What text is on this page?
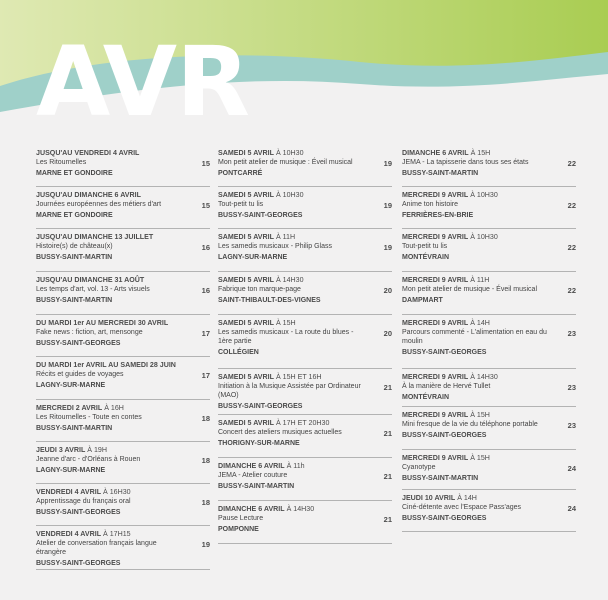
AVR
JUSQU'AU VENDREDI 4 AVRIL
Les Ritournelles	15
MARNE ET GONDOIRE
JUSQU'AU DIMANCHE 6 AVRIL
Journées européennes des métiers d'art	15
MARNE ET GONDOIRE
JUSQU'AU DIMANCHE 13 JUILLET
Histoire(s) de château(x)	16
BUSSY-SAINT-MARTIN
JUSQU'AU DIMANCHE 31 AOÛT
Les temps d'art, vol. 13 - Arts visuels	16
BUSSY-SAINT-MARTIN
DU MARDI 1er AU MERCREDI 30 AVRIL
Fake news : fiction, art, mensonge	17
BUSSY-SAINT-GEORGES
DU MARDI 1er AVRIL AU SAMEDI 28 JUIN
Récits et guides de voyages	17
LAGNY-SUR-MARNE
MERCREDI 2 AVRIL À 16H
Les Ritournelles - Toute en contes	18
BUSSY-SAINT-MARTIN
JEUDI 3 AVRIL À 19H
Jeanne d'arc - d'Orléans à Rouen	18
LAGNY-SUR-MARNE
VENDREDI 4 AVRIL À 16H30
Apprentissage du français oral	18
BUSSY-SAINT-GEORGES
VENDREDI 4 AVRIL À 17H15
Atelier de conversation français langue étrangère
19
BUSSY-SAINT-GEORGES
SAMEDI 5 AVRIL À 10H30
Mon petit atelier de musique : Éveil musical	19
PONTCARRÉ
SAMEDI 5 AVRIL À 10H30
Tout-petit tu lis	19
BUSSY-SAINT-GEORGES
SAMEDI 5 AVRIL À 11H
Les samedis musicaux - Philip Glass	19
LAGNY-SUR-MARNE
SAMEDI 5 AVRIL À 14H30
Fabrique ton marque-page	20
SAINT-THIBAULT-DES-VIGNES
SAMEDI 5 AVRIL À 15H
Les samedis musicaux - La route du blues - 1ère partie
20
COLLÉGIEN
SAMEDI 5 AVRIL À 15H ET 16H
Initiation à la Musique Assistée par Ordinateur (MAO)
21
BUSSY-SAINT-GEORGES
SAMEDI 5 AVRIL À 17H ET 20H30
Concert des ateliers musiques actuelles	21
THORIGNY-SUR-MARNE
DIMANCHE 6 AVRIL À 11h
JEMA - Atelier couture	21
BUSSY-SAINT-MARTIN
DIMANCHE 6 AVRIL À 14H30
Pause Lecture	21
POMPONNE
DIMANCHE 6 AVRIL À 15H
JEMA - La tapisserie dans tous ses états	22
BUSSY-SAINT-MARTIN
MERCREDI 9 AVRIL À 10H30
Anime ton histoire	22
FERRIÈRES-EN-BRIE
MERCREDI 9 AVRIL À 10H30
Tout-petit tu lis	22
MONTÉVRAIN
MERCREDI 9 AVRIL À 11H
Mon petit atelier de musique - Éveil musical	22
DAMPMART
MERCREDI 9 AVRIL À 14H
Parcours commenté - L'alimentation en eau du moulin
23
BUSSY-SAINT-GEORGES
MERCREDI 9 AVRIL À 14H30
À la manière de Hervé Tullet	23
MONTÉVRAIN
MERCREDI 9 AVRIL À 15H
Mini fresque de la vie du téléphone portable	23
BUSSY-SAINT-GEORGES
MERCREDI 9 AVRIL À 15H
Cyanotype	24
BUSSY-SAINT-MARTIN
JEUDI 10 AVRIL À 14H
Ciné-détente avec l'Espace Pass'ages	24
BUSSY-SAINT-GEORGES
